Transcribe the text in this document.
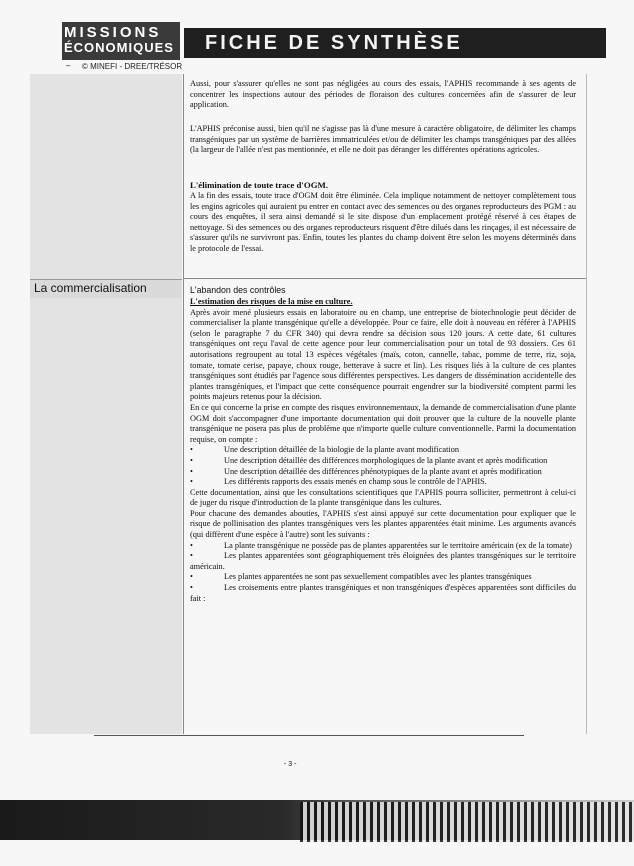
MISSIONS
ÉCONOMIQUES FICHE DE SYNTHÈSE
– © MINEFI - DREE/TRÉSOR
La commercialisation
Aussi, pour s'assurer qu'elles ne sont pas négligées au cours des essais, l'APHIS recommande à ses agents de concentrer les inspections autour des périodes de floraison des cultures concernées afin de s'assurer de leur application.
L'APHIS préconise aussi, bien qu'il ne s'agisse pas là d'une mesure à caractère obligatoire, de délimiter les champs transgéniques par un système de barrières immatriculées et/ou de délimiter les champs transgéniques par des allées (la largeur de l'allée n'est pas mentionnée, et elle ne doit pas déranger les différentes opérations agricoles.
L'élimination de toute trace d'OGM.
A la fin des essais, toute trace d'OGM doit être éliminée. Cela implique notamment de nettoyer complètement tous les engins agricoles qui auraient pu entrer en contact avec des semences ou des organes reproducteurs des PGM : au cours des enquêtes, il sera ainsi demandé si le site dispose d'un emplacement protégé réservé à ces étapes de nettoyage. Si des semences ou des organes reproducteurs risquent d'être dilués dans les rinçages, il est nécessaire de s'assurer qu'ils ne survivront pas. Enfin, toutes les plantes du champ doivent être selon les moyens déterminés dans le protocole de l'essai.
L'abandon des contrôles

L'estimation des risques de la mise en culture.

Après avoir mené plusieurs essais en laboratoire ou en champ, une entreprise de biotechnologie peut décider de commercialiser la plante transgénique qu'elle a développée. Pour ce faire, elle doit à nouveau en référer à l'APHIS (selon le paragraphe 7 du CFR 340) qui devra rendre sa décision sous 120 jours. A cette date, 61 cultures transgéniques ont reçu l'aval de cette agence pour leur commercialisation pour un total de 93 dossiers. Ces 61 autorisations regroupent au total 13 espèces végétales (maïs, coton, cannelle, tabac, pomme de terre, riz, soja, tomate, tomate cerise, papaye, choux rouge, betterave à sucre et lin). Les risques liés à la culture de ces plantes transgéniques sont étudiés par l'agence sous différentes perspectives. Les dangers de dissémination accidentelle des plantes transgéniques, et l'impact que cette conséquence pourrait engendrer sur la biodiversité comptent parmi les points majeurs retenus pour la décision.

En ce qui concerne la prise en compte des risques environnementaux, la demande de commercialisation d'une plante OGM doit s'accompagner d'une importante documentation qui doit prouver que la culture de la nouvelle plante transgénique ne posera pas plus de problème que n'importe quelle culture conventionnelle. Parmi la documentation requise, on compte :

•	Une description détaillée de la biologie de la plante avant modification

•	Une description détaillée des différences morphologiques de la plante avant et après modification

•	Une description détaillée des différences phénotypiques de la plante avant et après modification

•	Les différents rapports des essais menés en champ sous le contrôle de l'APHIS.

Cette documentation, ainsi que les consultations scientifiques que l'APHIS pourra solliciter, permettront à celui-ci de juger du risque d'introduction de la plante transgénique dans les cultures.

Pour chacune des demandes abouties, l'APHIS s'est ainsi appuyé sur cette documentation pour expliquer que le risque de pollinisation des plantes transgéniques vers les plantes apparentées était minime. Les arguments avancés (qui diffèrent d'une espèce à l'autre) sont les suivants :

•	La plante transgénique ne possède pas de plantes apparentées sur le territoire américain (ex de la tomate)

•	Les plantes apparentées sont géographiquement très éloignées des plantes transgéniques sur le territoire américain.

•	Les plantes apparentées ne sont pas sexuellement compatibles avec les plantes transgéniques

•	Les croisements entre plantes transgéniques et non transgéniques d'espèces apparentées sont difficiles du fait :

- 3 -
